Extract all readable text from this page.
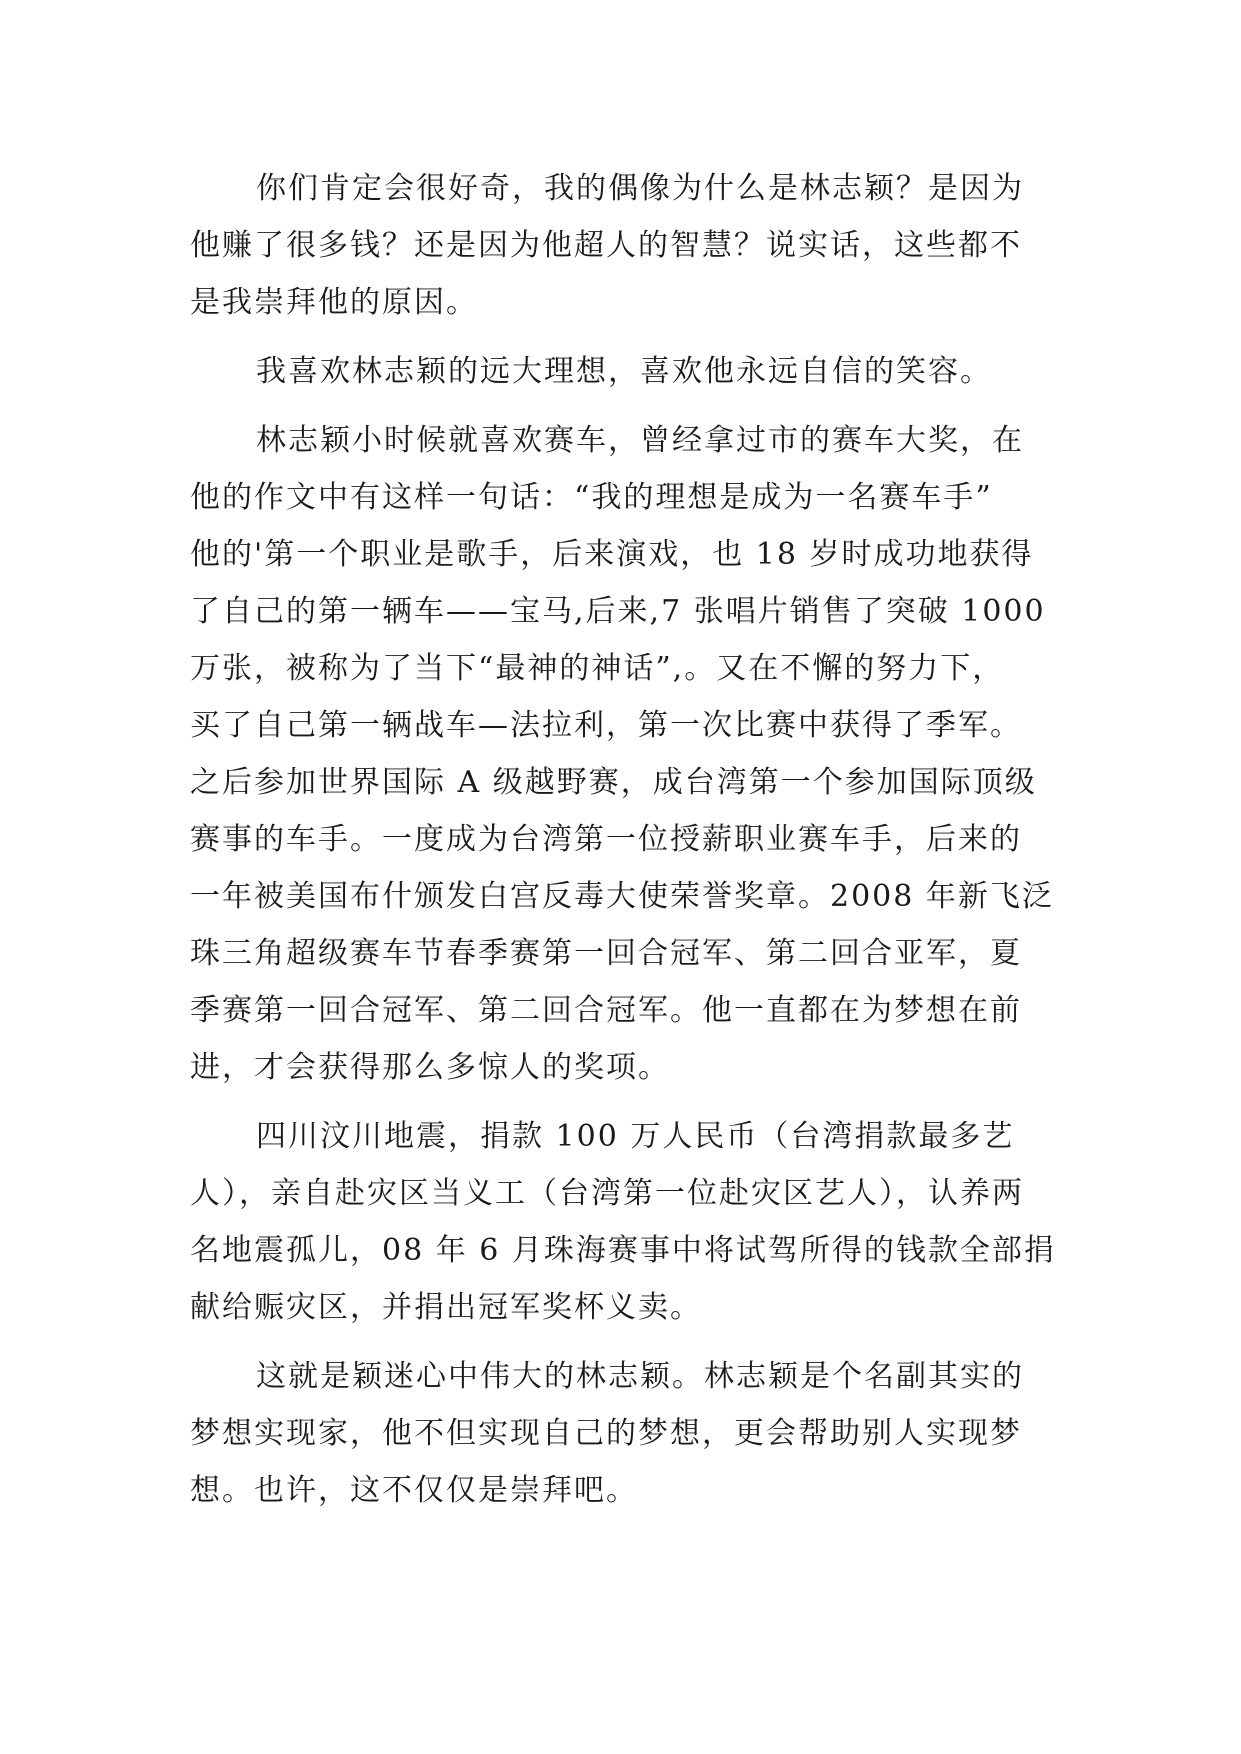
你们肯定会很好奇，我的偶像为什么是林志颖？是因为
他赚了很多钱？还是因为他超人的智慧？说实话，这些都不
是我崇拜他的原因。
我喜欢林志颖的远大理想，喜欢他永远自信的笑容。
林志颖小时候就喜欢赛车，曾经拿过市的赛车大奖，在
他的作文中有这样一句话：“我的理想是成为一名赛车手”
他的'第一个职业是歌手，后来演戏，也 18 岁时成功地获得
了自己的第一辆车——宝马,后来,7 张唱片销售了突破 1000
万张，被称为了当下“最神的神话”,。又在不懈的努力下，
买了自己第一辆战车—法拉利，第一次比赛中获得了季军。
之后参加世界国际 A 级越野赛，成台湾第一个参加国际顶级
赛事的车手。一度成为台湾第一位授薪职业赛车手，后来的
一年被美国布什颁发白宫反毒大使荣誉奖章。2008 年新飞泛
珠三角超级赛车节春季赛第一回合冠军、第二回合亚军，夏
季赛第一回合冠军、第二回合冠军。他一直都在为梦想在前
进，才会获得那么多惊人的奖项。
四川汶川地震，捐款 100 万人民币（台湾捐款最多艺
人），亲自赴灾区当义工（台湾第一位赴灾区艺人），认养两
名地震孤儿，08 年 6 月珠海赛事中将试驾所得的钱款全部捐
献给赈灾区，并捐出冠军奖杯义卖。
这就是颖迷心中伟大的林志颖。林志颖是个名副其实的
梦想实现家，他不但实现自己的梦想，更会帮助别人实现梦
想。也许，这不仅仅是崇拜吧。
